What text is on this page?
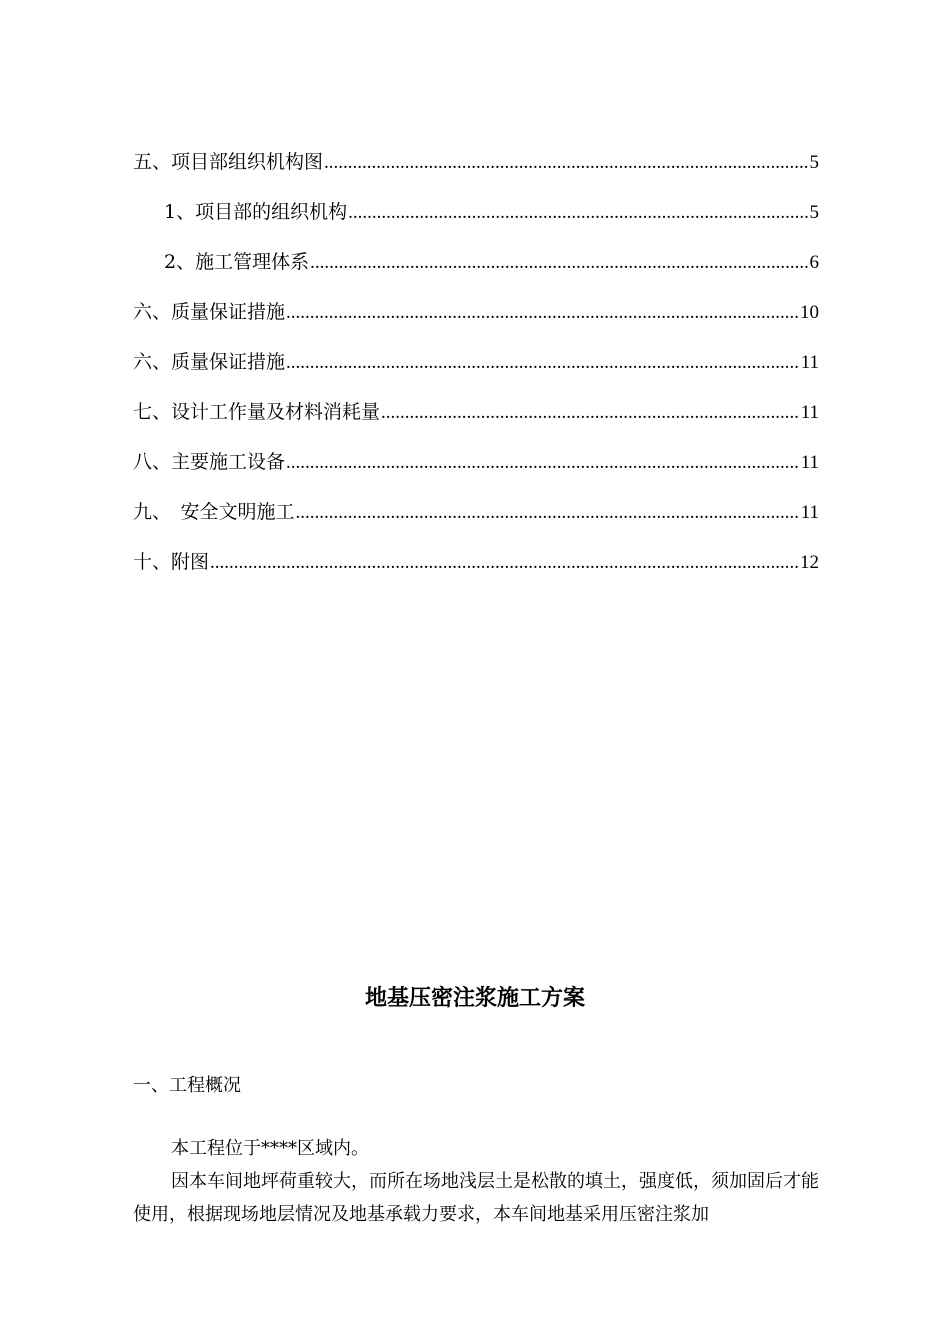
五、项目部组织机构图 .....	5
1、项目部的组织机构 .....	5
2、施工管理体系 .....	6
六、质量保证措施 .....	10
六、质量保证措施 .....	11
七、设计工作量及材料消耗量 .....	11
八、主要施工设备 .....	11
九、　安全文明施工 .....	11
十、附图 .....	12
地基压密注浆施工方案
一、工程概况

本工程位于****区域内。

因本车间地坪荷重较大，而所在场地浅层土是松散的填土，强度低，须加固后才能使用，根据现场地层情况及地基承载力要求，本车间地基采用压密注浆加
